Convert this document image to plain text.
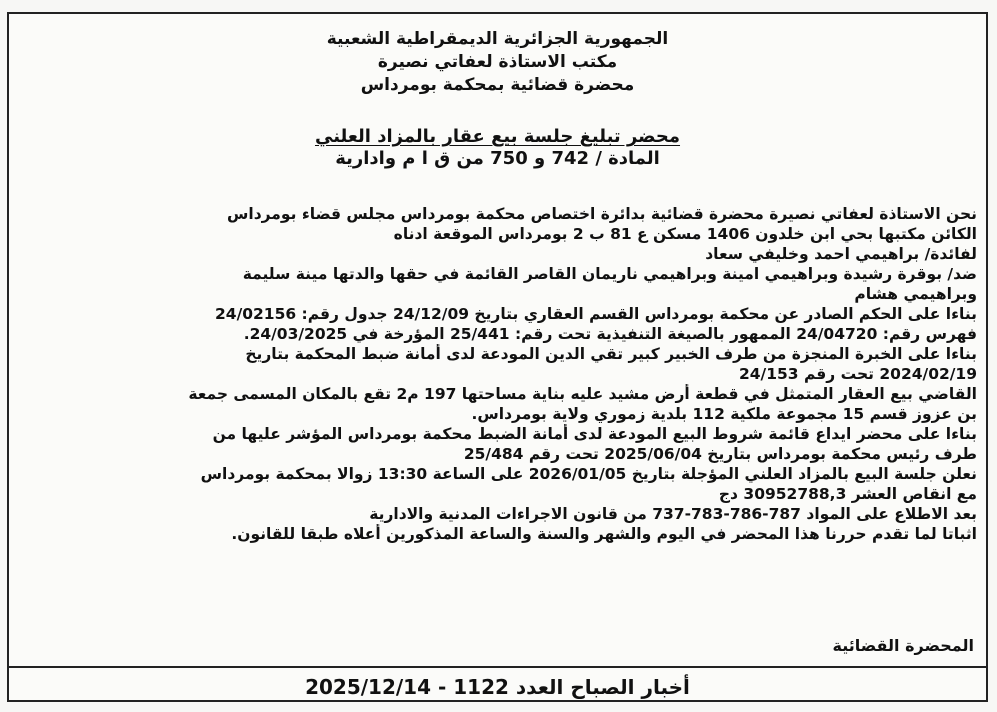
الجمهورية الجزائرية الديمقراطية الشعبية
مكتب الاستاذة لعفاتي نصيرة
محضرة قضائية بمحكمة بومرداس
محضر تبليغ جلسة بيع عقار بالمزاد العلني
المادة / 742 و 750 من ق ا م وادارية
نحن الاستاذة لعفاتي نصيرة محضرة قضائية بدائرة اختصاص محكمة بومرداس مجلس قضاء بومرداس
الكائن مكتبها بحي ابن خلدون 1406 مسكن ع 81 ب 2 بومرداس الموقعة ادناه
لفائدة/ براهيمي احمد وخليفي سعاد
ضد/ بوقرة رشيدة وبراهيمي امينة وبراهيمي ناريمان القاصر القائمة في حقها والدتها مينة سليمة
وبراهيمي هشام
بناءا على الحكم الصادر عن محكمة بومرداس القسم العقاري بتاريخ 24/12/09 جدول رقم: 24/02156
فهرس رقم: 24/04720 الممهور بالصيغة التنفيذية تحت رقم: 25/441 المؤرخة في 24/03/2025.
بناءا على الخبرة المنجزة من طرف الخبير كبير تقي الدين المودعة لدى أمانة ضبط المحكمة بتاريخ
2024/02/19 تحت رقم 24/153
القاضي بيع العقار المتمثل في قطعة أرض مشيد عليه بناية مساحتها 197 م2 تقع بالمكان المسمى جمعة
بن عزوز قسم 15 مجموعة ملكية 112 بلدية زموري ولاية بومرداس.
بناءا على محضر ايداع قائمة شروط البيع المودعة لدى أمانة الضبط محكمة بومرداس المؤشر عليها من
طرف رئيس محكمة بومرداس بتاريخ 2025/06/04 تحت رقم 25/484
نعلن جلسة البيع بالمزاد العلني المؤجلة بتاريخ 2026/01/05 على الساعة 13:30 زوالا بمحكمة بومرداس
مع انقاص العشر 30952788,3 دج
بعد الاطلاع على المواد 787-786-783-737 من قانون الاجراءات المدنية والادارية
اثباتا لما تقدم حررنا هذا المحضر في اليوم والشهر والسنة والساعة المذكورين أعلاه طبقا للقانون.
المحضرة القضائية
أخبار الصباح العدد 1122 - 2025/12/14
